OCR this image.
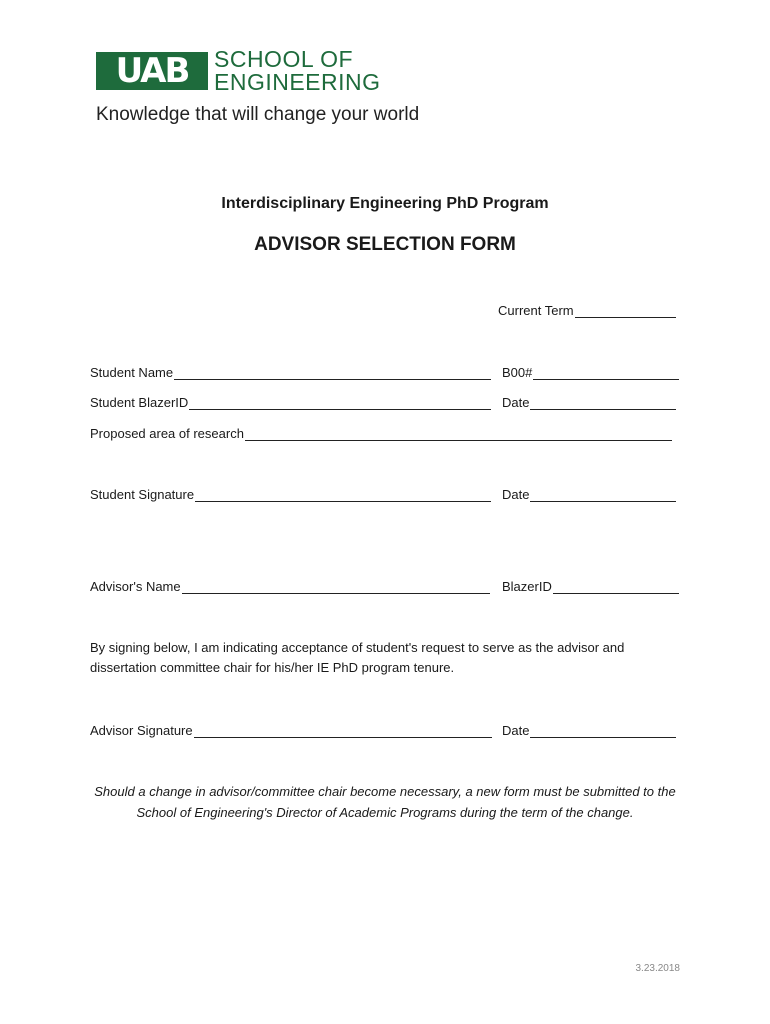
UAB	SCHOOL OF
ENGINEERING
Knowledge that will change your world
Interdisciplinary Engineering PhD Program
ADVISOR SELECTION FORM
Current Term
Student Name	B00#
Student BlazerID	Date
Proposed area of research
Student Signature	Date
Advisor's Name	BlazerID
By signing below, I am indicating acceptance of student's request to serve as the advisor and dissertation committee chair for his/her IE PhD program tenure.
Advisor Signature	Date
Should a change in advisor/committee chair become necessary, a new form must be submitted to the School of Engineering's Director of Academic Programs during the term of the change.
3.23.2018
